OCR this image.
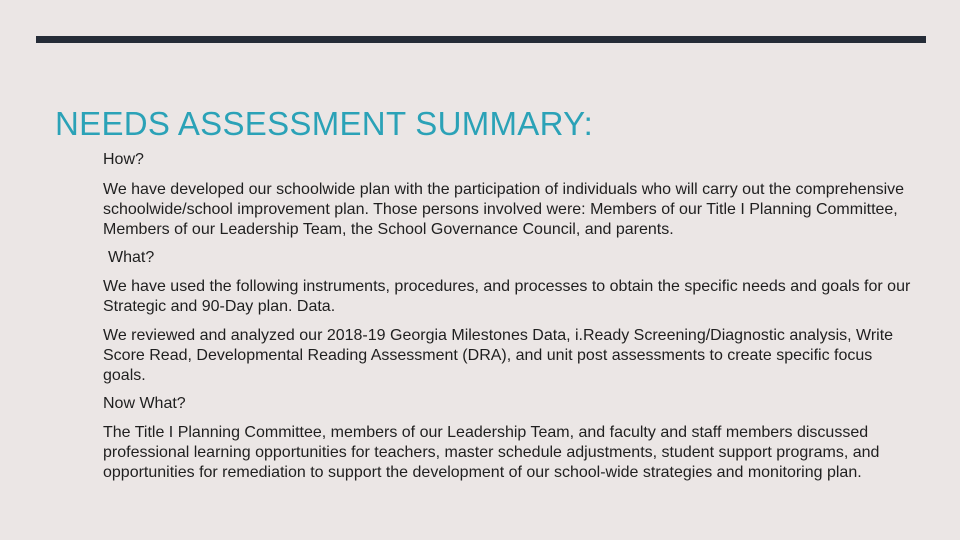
NEEDS ASSESSMENT SUMMARY:

How?

We have developed our schoolwide plan with the participation of individuals who will carry out the comprehensive schoolwide/school improvement plan. Those persons involved were: Members of our Title I Planning Committee, Members of our Leadership Team, the School Governance Council, and parents.

What?

We have used the following instruments, procedures, and processes to obtain the specific needs and goals for our Strategic and 90-Day plan. Data.

We reviewed and analyzed our 2018-19 Georgia Milestones Data, i.Ready Screening/Diagnostic analysis, Write Score Read, Developmental Reading Assessment (DRA), and unit post assessments to create specific focus goals.

Now What?

The Title I Planning Committee, members of our Leadership Team, and faculty and staff members discussed professional learning opportunities for teachers, master schedule adjustments, student support programs, and opportunities for remediation to support the development of our school-wide strategies and monitoring plan.
